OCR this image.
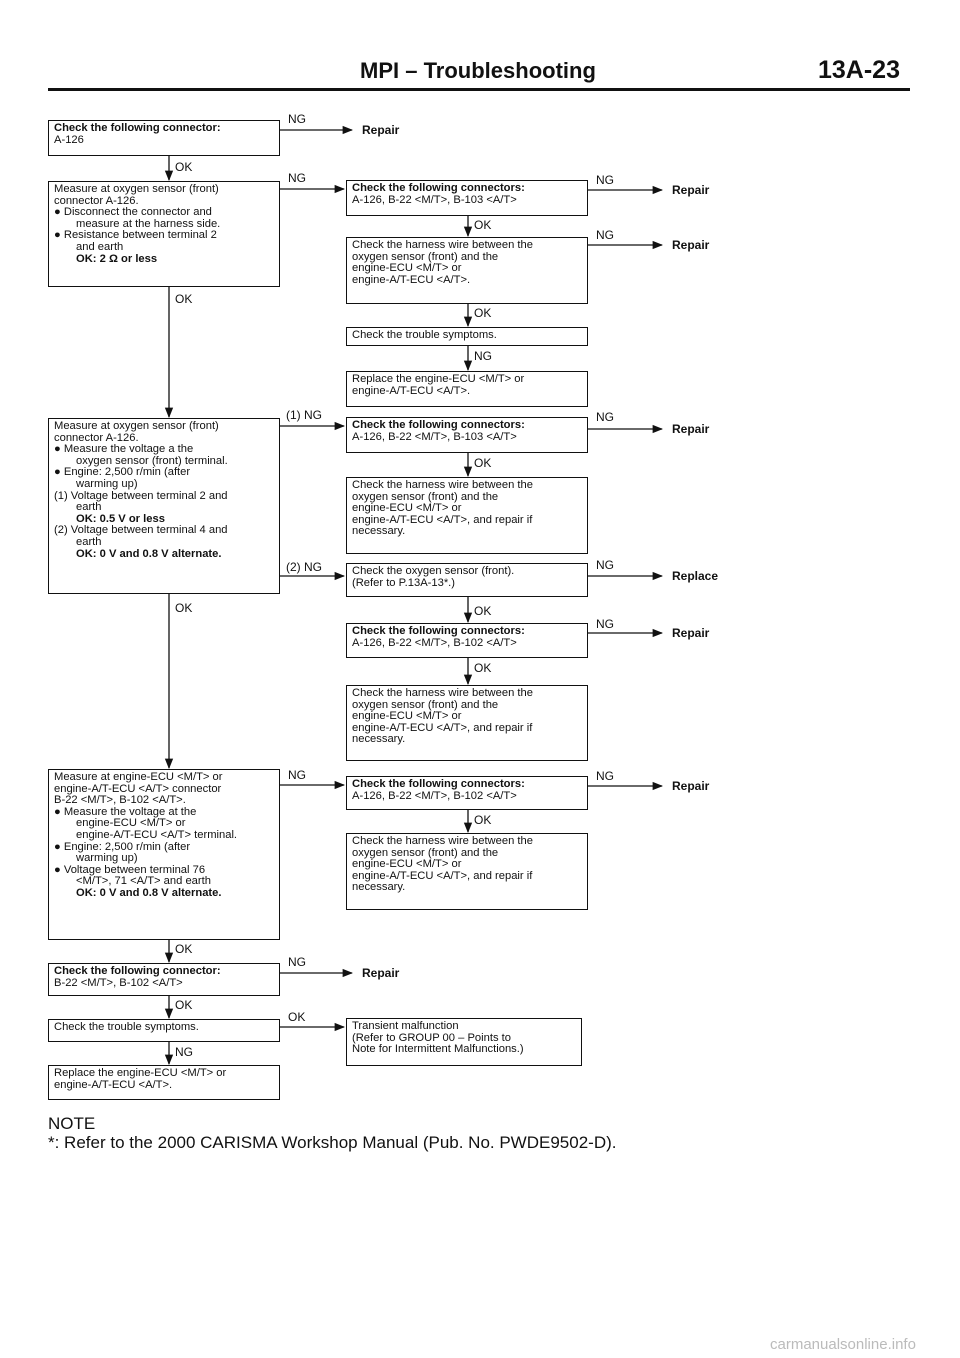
MPI – Troubleshooting	13A-23
Check the following connector:
A-126
Measure at oxygen sensor (front)
connector A-126.
● Disconnect the connector and
measure at the harness side.
● Resistance between terminal 2
and earth
OK: 2 Ω or less
Check the following connectors:
A-126, B-22 <M/T>, B-103 <A/T>
Check the harness wire between the
oxygen sensor (front) and the
engine-ECU <M/T> or
engine-A/T-ECU <A/T>.
Check the trouble symptoms.
Replace the engine-ECU <M/T> or
engine-A/T-ECU <A/T>.
Measure at oxygen sensor (front)
connector A-126.
● Measure the voltage a the
oxygen sensor (front) terminal.
● Engine: 2,500 r/min (after
warming up)
(1) Voltage between terminal 2 and
earth
OK: 0.5 V or less
(2) Voltage between terminal 4 and
earth
OK: 0 V and 0.8 V alternate.
Check the following connectors:
A-126, B-22 <M/T>, B-103 <A/T>
Check the harness wire between the
oxygen sensor (front) and the
engine-ECU <M/T> or
engine-A/T-ECU <A/T>, and repair if
necessary.
Check the oxygen sensor (front).
(Refer to P.13A-13*.)
Check the following connectors:
A-126, B-22 <M/T>, B-102 <A/T>
Check the harness wire between the
oxygen sensor (front) and the
engine-ECU <M/T> or
engine-A/T-ECU <A/T>, and repair if
necessary.
Measure at engine-ECU <M/T> or
engine-A/T-ECU <A/T> connector
B-22 <M/T>, B-102 <A/T>.
● Measure the voltage at the
engine-ECU <M/T> or
engine-A/T-ECU <A/T> terminal.
● Engine: 2,500 r/min (after
warming up)
● Voltage between terminal 76
<M/T>, 71 <A/T> and earth
OK: 0 V and 0.8 V alternate.
Check the following connectors:
A-126, B-22 <M/T>, B-102 <A/T>
Check the harness wire between the
oxygen sensor (front) and the
engine-ECU <M/T> or
engine-A/T-ECU <A/T>, and repair if
necessary.
Check the following connector:
B-22 <M/T>, B-102 <A/T>
Check the trouble symptoms.	Transient malfunction
(Refer to GROUP 00 – Points to
Note for Intermittent Malfunctions.)
Replace the engine-ECU <M/T> or
engine-A/T-ECU <A/T>.
NG
OK
NG
OK
(1) NG
(2) NG
OK
NG
OK
NG
OK
OK
NG
NG
OK
NG
OK
NG
NG
OK
NG
OK
NG
OK
NG
OK
Repair
Repair
Repair
Repair
Replace
Repair
Repair
Repair
NOTE
*: Refer to the 2000 CARISMA Workshop Manual (Pub. No. PWDE9502-D).
carmanualsonline.info
